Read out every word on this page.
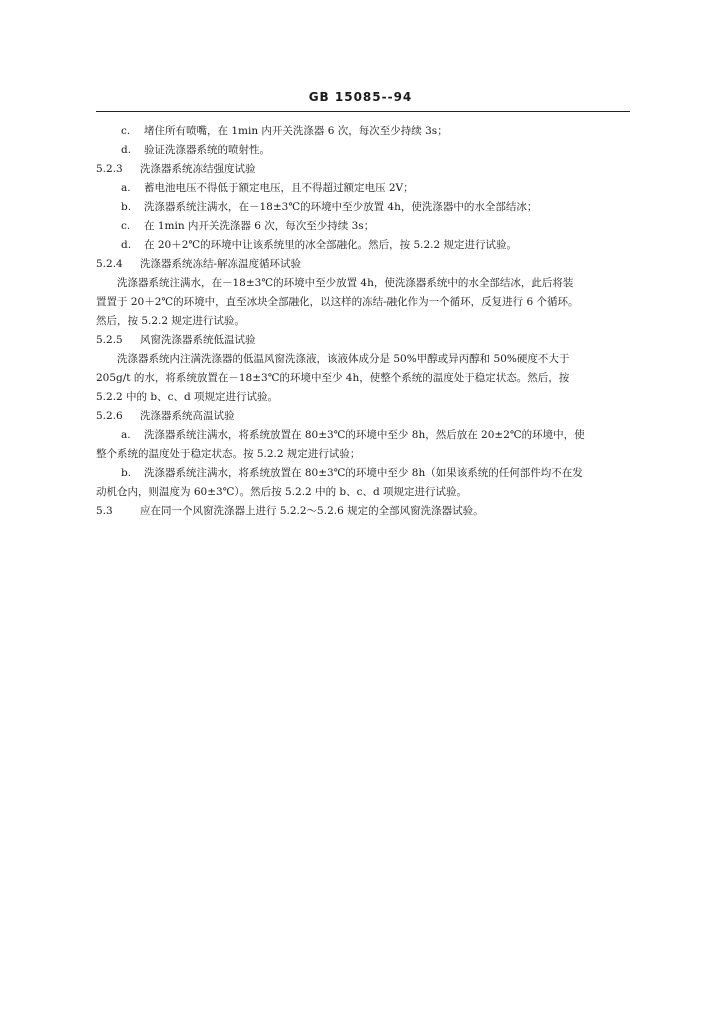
GB 15085--94
c. 堵住所有喷嘴，在 1min 内开关洗涤器 6 次，每次至少持续 3s；
d. 验证洗涤器系统的喷射性。
5.2.3 洗涤器系统冻结强度试验
a. 蓄电池电压不得低于额定电压，且不得超过额定电压 2V；
b. 洗涤器系统注满水，在－18±3℃的环境中至少放置 4h，使洗涤器中的水全部结冰；
c. 在 1min 内开关洗涤器 6 次，每次至少持续 3s；
d. 在 20＋2℃的环境中让该系统里的冰全部融化。然后，按 5.2.2 规定进行试验。
5.2.4 洗涤器系统冻结-解冻温度循环试验
洗涤器系统注满水，在－18±3℃的环境中至少放置 4h，使洗涤器系统中的水全部结冰，此后将装
置置于 20＋2℃的环境中，直至冰块全部融化，以这样的冻结-融化作为一个循环，反复进行 6 个循环。
然后，按 5.2.2 规定进行试验。
5.2.5 风窗洗涤器系统低温试验
洗涤器系统内注满洗涤器的低温风窗洗涤液，该液体成分是 50%甲醇或异丙醇和 50%硬度不大于
205g/t 的水，将系统放置在－18±3℃的环境中至少 4h，使整个系统的温度处于稳定状态。然后，按
5.2.2 中的 b、c、d 项规定进行试验。
5.2.6 洗涤器系统高温试验
a. 洗涤器系统注满水，将系统放置在 80±3℃的环境中至少 8h，然后放在 20±2℃的环境中，使
整个系统的温度处于稳定状态。按 5.2.2 规定进行试验；
b. 洗涤器系统注满水，将系统放置在 80±3℃的环境中至少 8h（如果该系统的任何部件均不在发
动机仓内，则温度为 60±3℃）。然后按 5.2.2 中的 b、c、d 项规定进行试验。
5.3	应在同一个风窗洗涤器上进行 5.2.2～5.2.6 规定的全部风窗洗涤器试验。
